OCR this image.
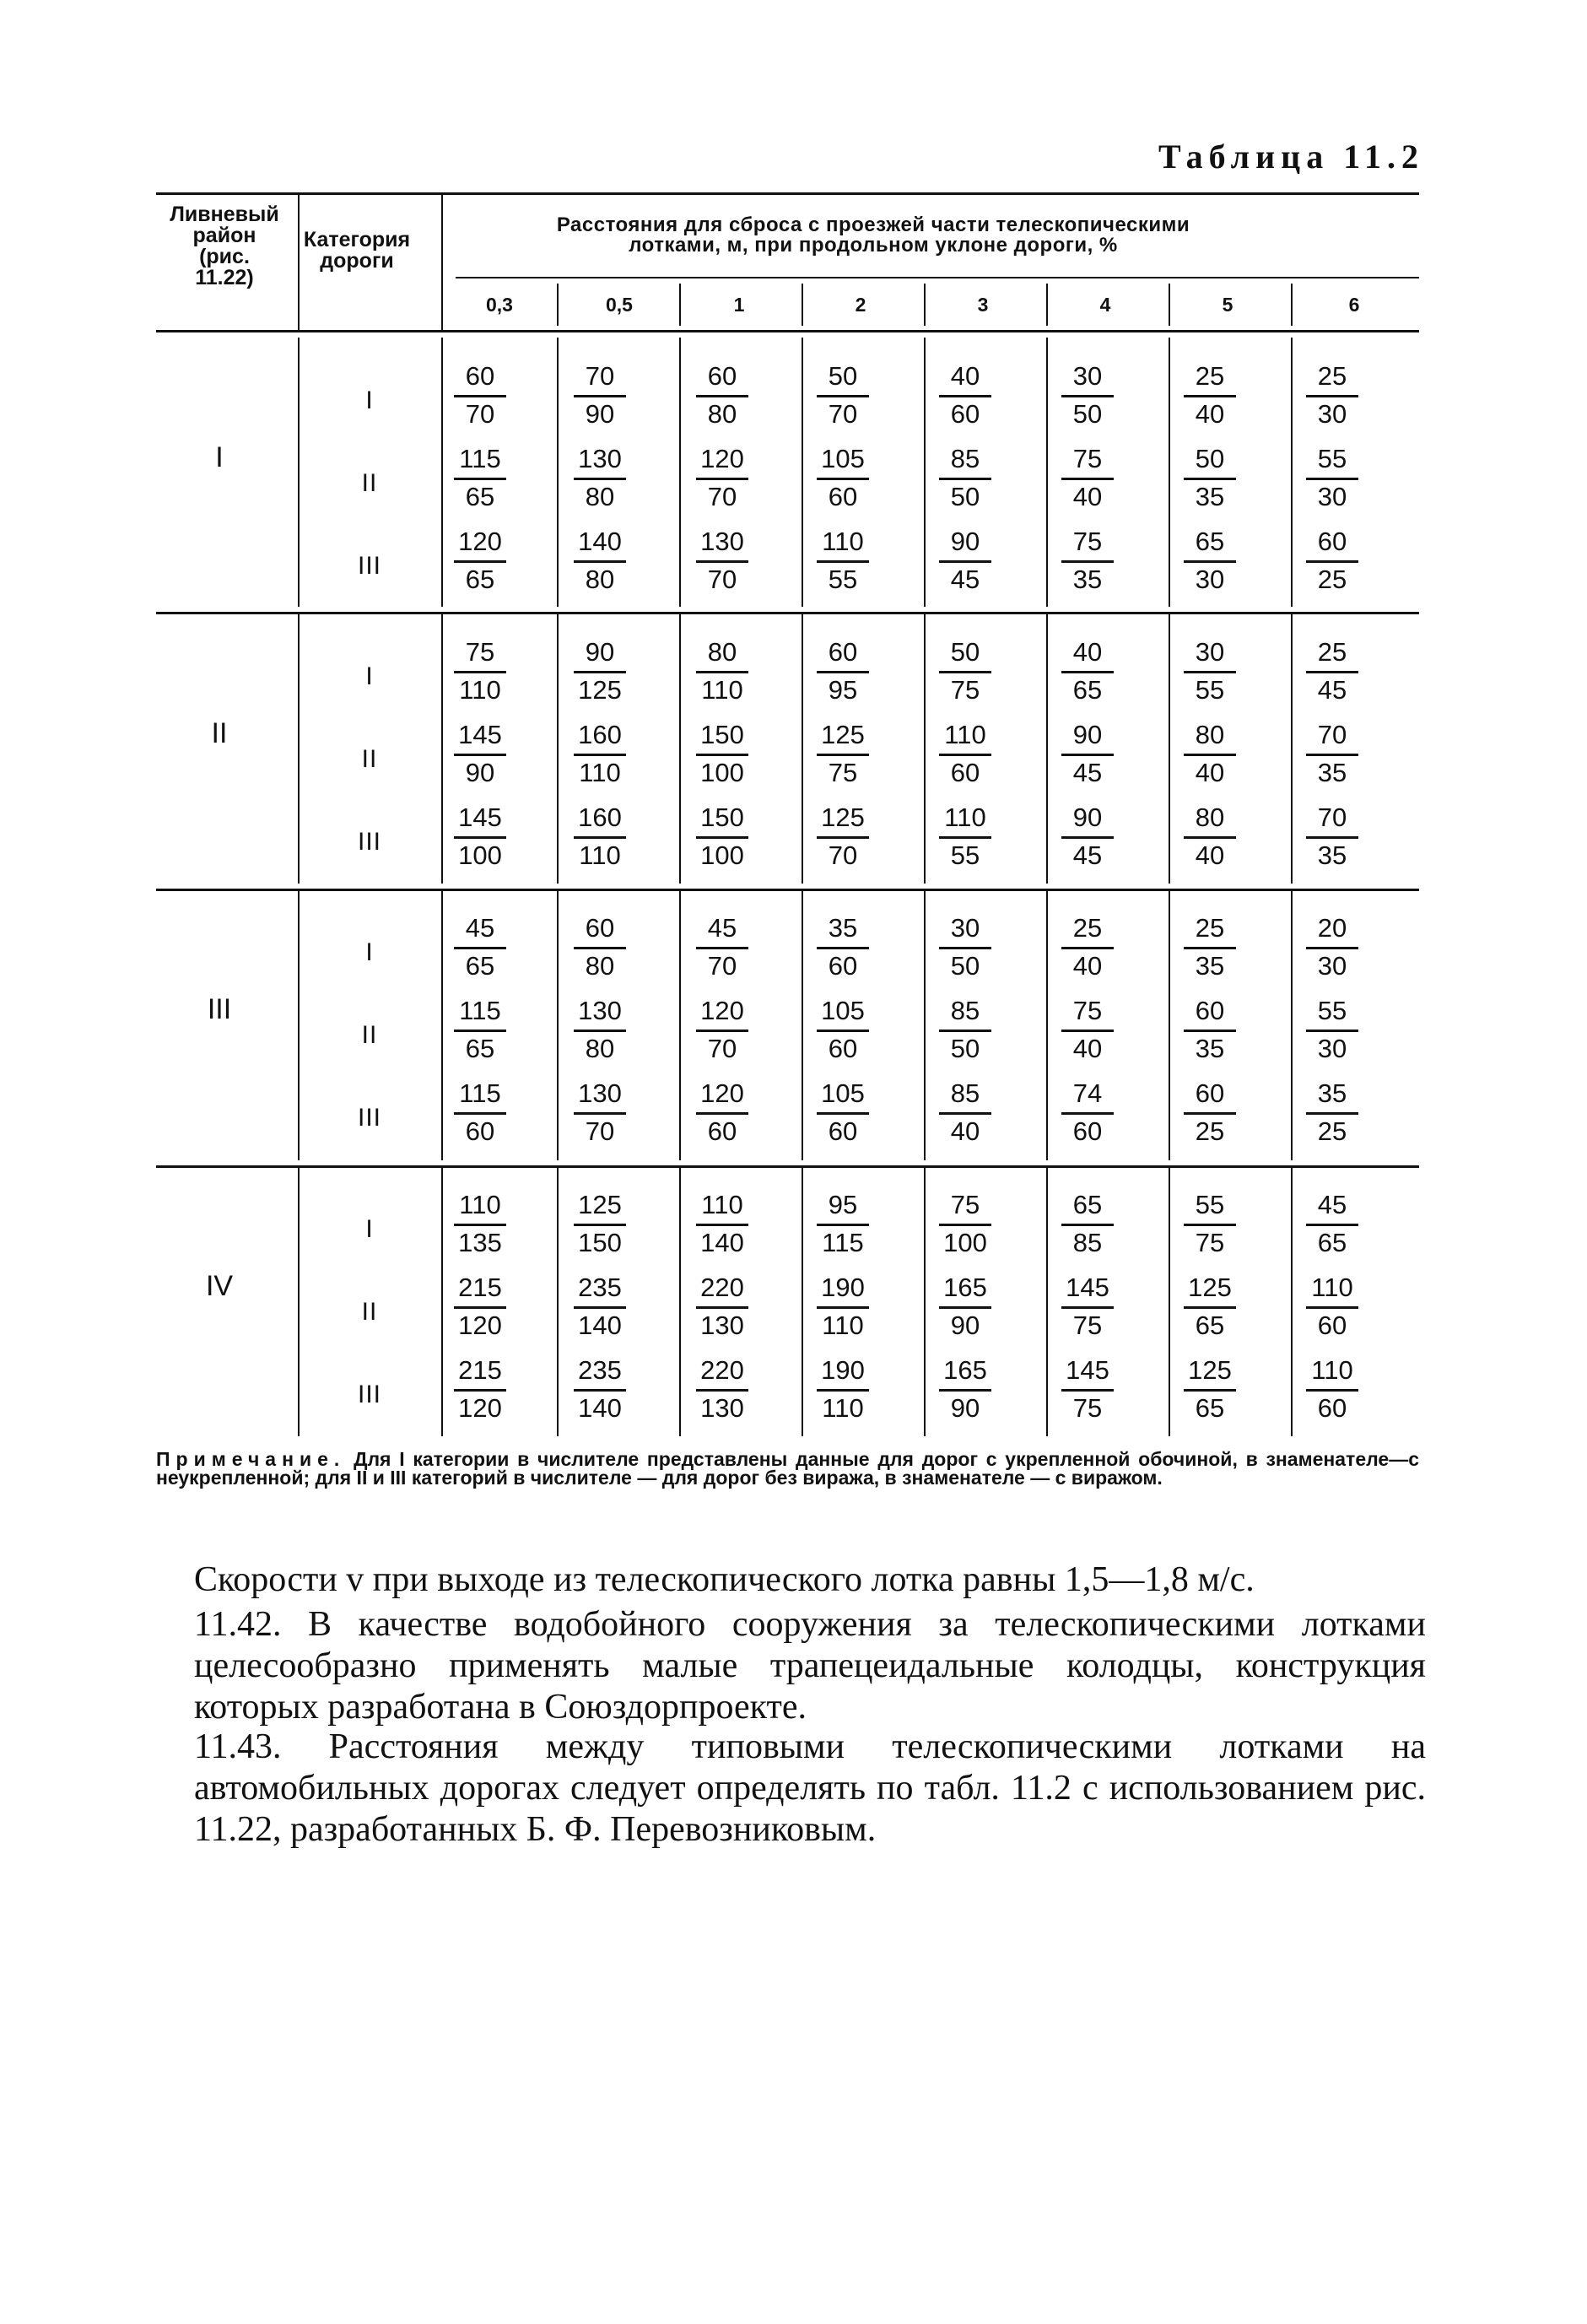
Таблица 11.2
Ливневый
район
(рис.
11.22)
Категория
дороги
Расстояния для сброса с проезжей части телескопическими
лотками, м, при продольном уклоне дороги, %
0,3	0,5	1	2	3	4	5	6
I
I	$\frac{60}{70} \frac{70}{90} \frac{60}{80} \frac{50}{70} \frac{40}{60} \frac{30}{50} \frac{25}{40} \frac{25}{30}$
II	$\frac{115}{65} \frac{130}{80} \frac{120}{70} \frac{105}{60} \frac{85}{50} \frac{75}{40} \frac{50}{35} \frac{55}{30}$
III	$\frac{120}{65} \frac{140}{80} \frac{130}{70} \frac{110}{55} \frac{90}{45} \frac{75}{35} \frac{65}{30} \frac{60}{25}$
II
I	$\frac{75}{110} \frac{90}{125} \frac{80}{110} \frac{60}{95} \frac{50}{75} \frac{40}{65} \frac{30}{55} \frac{25}{45}$
II	$\frac{145}{90} \frac{160}{110} \frac{150}{100} \frac{125}{75} \frac{110}{60} \frac{90}{45} \frac{80}{40} \frac{70}{35}$
III	$\frac{145}{100} \frac{160}{110} \frac{150}{100} \frac{125}{70} \frac{110}{55} \frac{90}{45} \frac{80}{40} \frac{70}{35}$
III
I	$\frac{45}{65} \frac{60}{80} \frac{45}{70} \frac{35}{60} \frac{30}{50} \frac{25}{40} \frac{25}{35} \frac{20}{30}$
II	$\frac{115}{65} \frac{130}{80} \frac{120}{70} \frac{105}{60} \frac{85}{50} \frac{75}{40} \frac{60}{35} \frac{55}{30}$
III	$\frac{115}{60} \frac{130}{70} \frac{120}{60} \frac{105}{60} \frac{85}{40} \frac{74}{60} \frac{60}{25} \frac{35}{25}$
IV
I	$\frac{110}{135} \frac{125}{150} \frac{110}{140} \frac{95}{115} \frac{75}{100} \frac{65}{85} \frac{55}{75} \frac{45}{65}$
II	$\frac{215}{120} \frac{235}{140} \frac{220}{130} \frac{190}{110} \frac{165}{90} \frac{145}{75} \frac{125}{65} \frac{110}{60}$
III	$\frac{215}{120} \frac{235}{140} \frac{220}{130} \frac{190}{110} \frac{165}{90} \frac{145}{75} \frac{125}{65} \frac{110}{60}$
Примечание. Для I категории в числителе представлены данные для дорог с укрепленной обочиной, в знаменателе—с неукрепленной; для II и III категорий в числителе — для дорог без виража, в знаменателе — с виражом.
Скорости v при выходе из телескопического лотка равны 1,5—1,8 м/с.
11.42. В качестве водобойного сооружения за телескопическими лотками целесообразно применять малые трапецеидальные колодцы, конструкция которых разработана в Союздорпроекте.
11.43. Расстояния между типовыми телескопическими лотками на автомобильных дорогах следует определять по табл. 11.2 с использованием рис. 11.22, разработанных Б. Ф. Перевозниковым.
